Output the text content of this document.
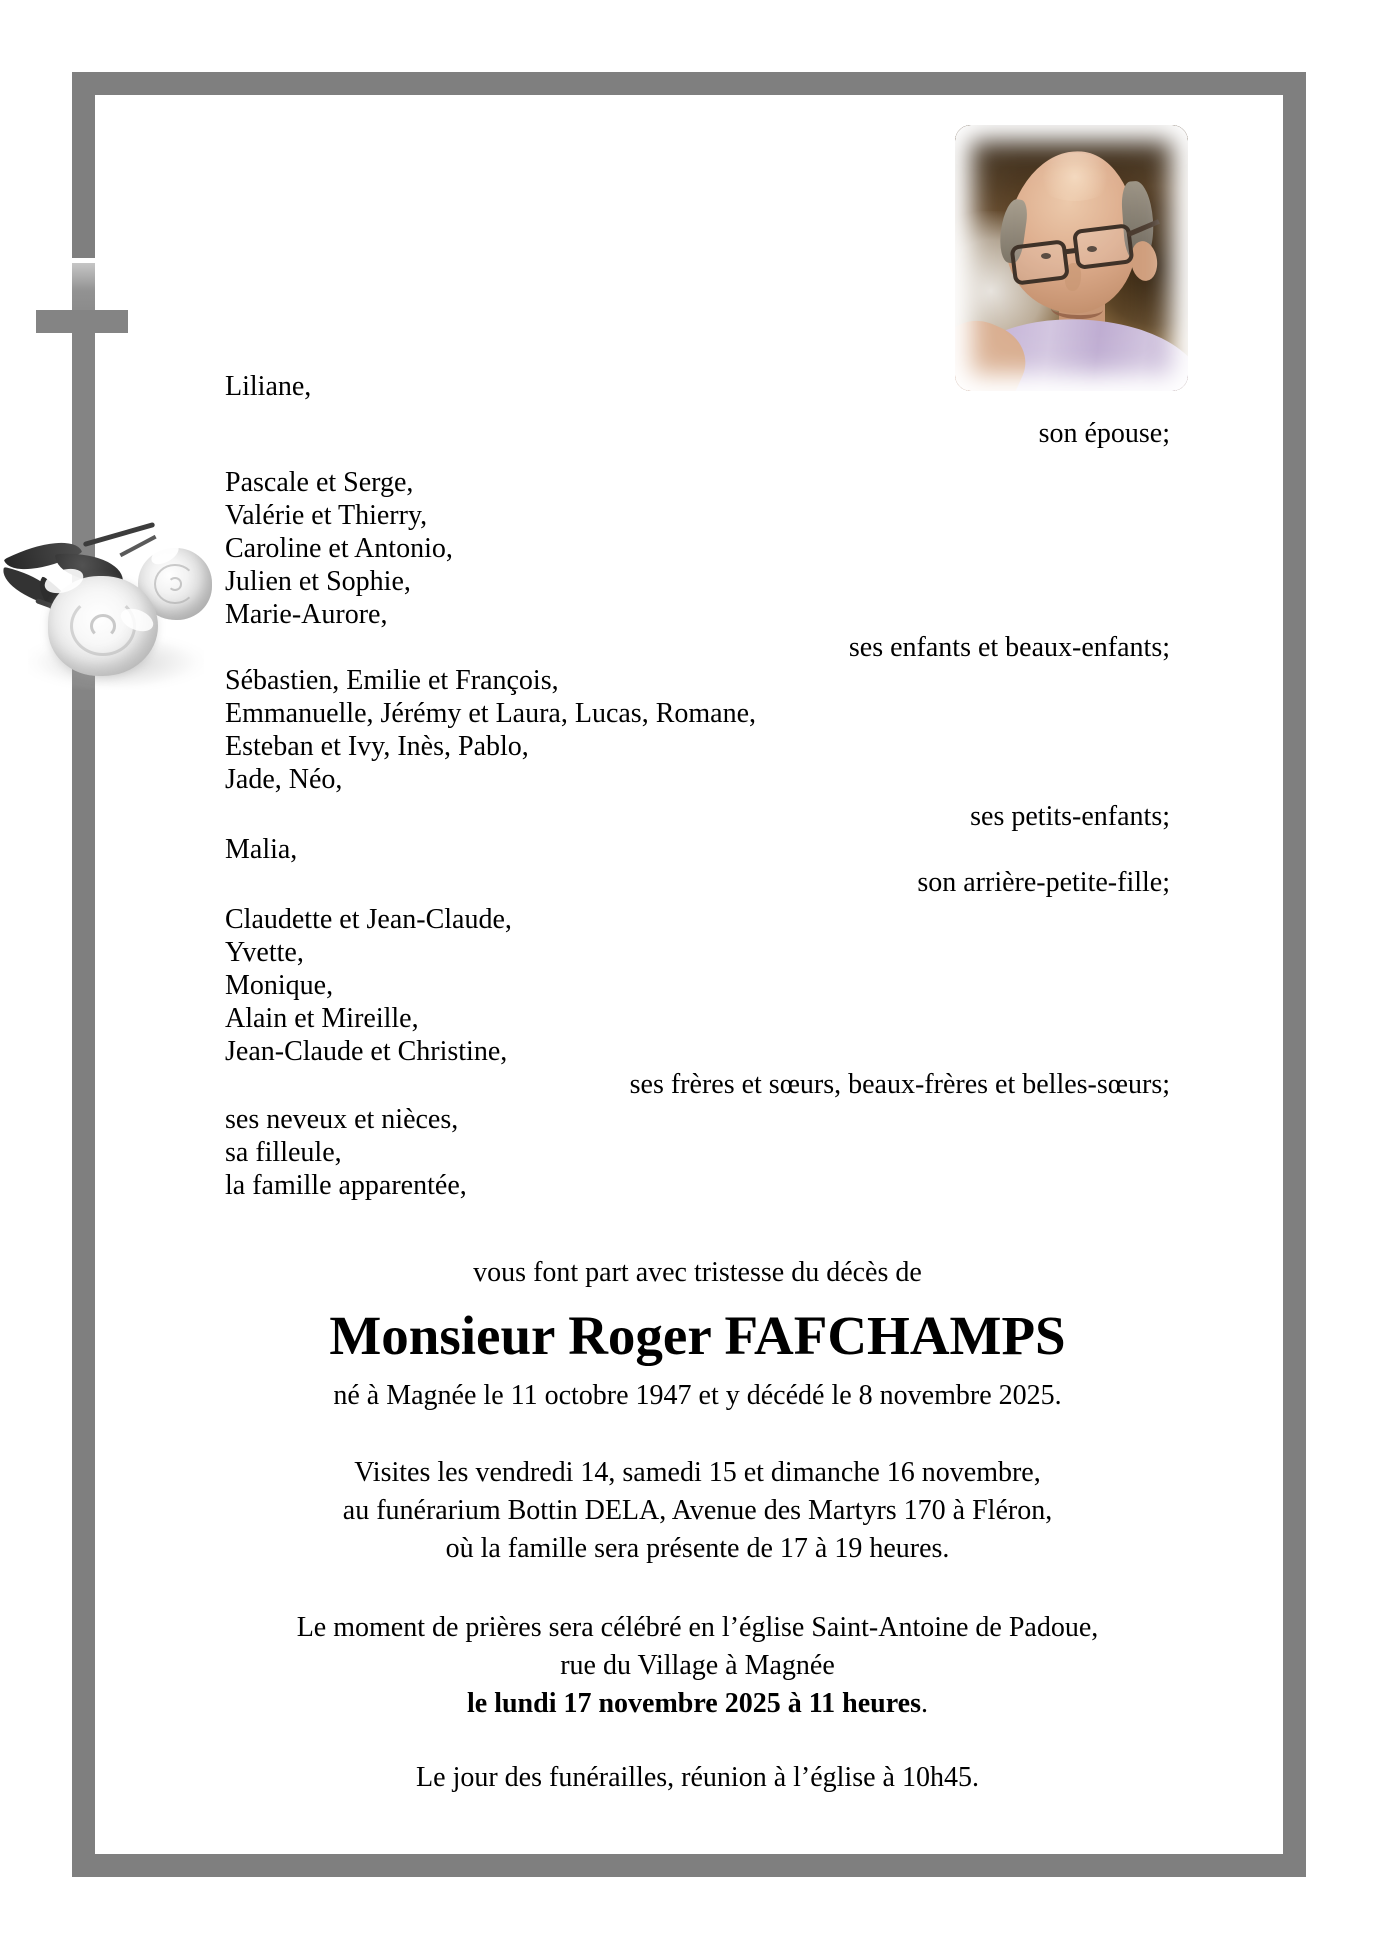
Liliane,
son épouse;
Pascale et Serge,
Valérie et Thierry,
Caroline et Antonio,
Julien et Sophie,
Marie-Aurore,
ses enfants et beaux-enfants;
Sébastien, Emilie et François,
Emmanuelle, Jérémy et Laura, Lucas, Romane,
Esteban et Ivy, Inès, Pablo,
Jade, Néo,
ses petits-enfants;
Malia,
son arrière-petite-fille;
Claudette et Jean-Claude,
Yvette,
Monique,
Alain et Mireille,
Jean-Claude et Christine,
ses frères et sœurs, beaux-frères et belles-sœurs;
ses neveux et nièces,
sa filleule,
la famille apparentée,
vous font part avec tristesse du décès de
Monsieur Roger FAFCHAMPS
né à Magnée le 11 octobre 1947 et y décédé le 8 novembre 2025.
Visites les vendredi 14, samedi 15 et dimanche 16 novembre,
au funérarium Bottin DELA, Avenue des Martyrs 170 à Fléron,
où la famille sera présente de 17 à 19 heures.
Le moment de prières sera célébré en l’église Saint-Antoine de Padoue,
rue du Village à Magnée
le lundi 17 novembre 2025 à 11 heures.
Le jour des funérailles, réunion à l’église à 10h45.
